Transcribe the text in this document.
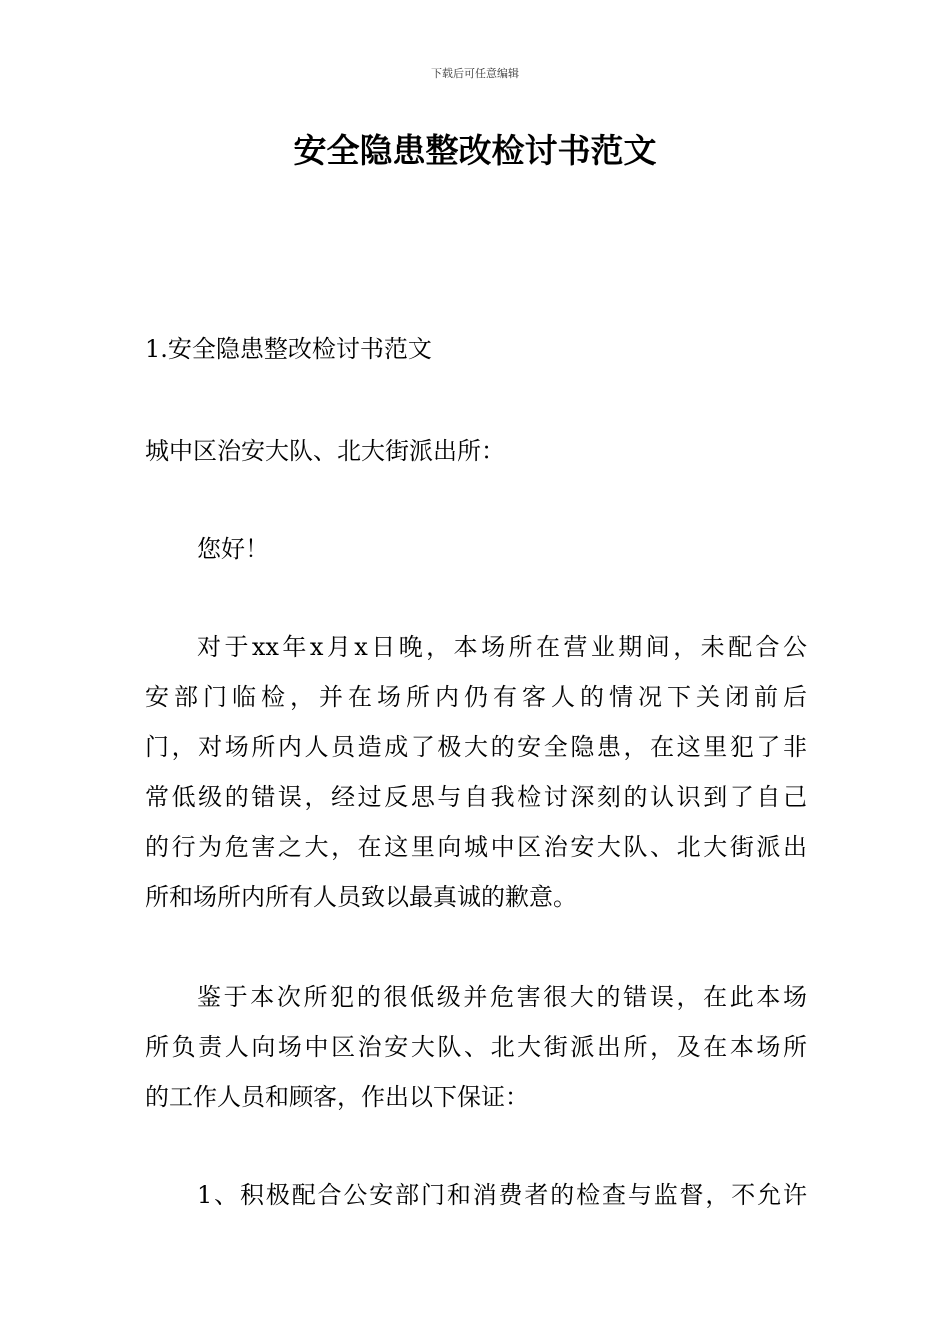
下载后可任意编辑
安全隐患整改检讨书范文

1.安全隐患整改检讨书范文

城中区治安大队、北大街派出所：

您好！

对于xx年x月x日晚，本场所在营业期间，未配合公
安部门临检，并在场所内仍有客人的情况下关闭前后
门，对场所内人员造成了极大的安全隐患，在这里犯了非
常低级的错误，经过反思与自我检讨深刻的认识到了自己
的行为危害之大，在这里向城中区治安大队、北大街派出
所和场所内所有人员致以最真诚的歉意。

鉴于本次所犯的很低级并危害很大的错误，在此本场
所负责人向场中区治安大队、北大街派出所，及在本场所
的工作人员和顾客，作出以下保证：

1、积极配合公安部门和消费者的检查与监督，不允许
